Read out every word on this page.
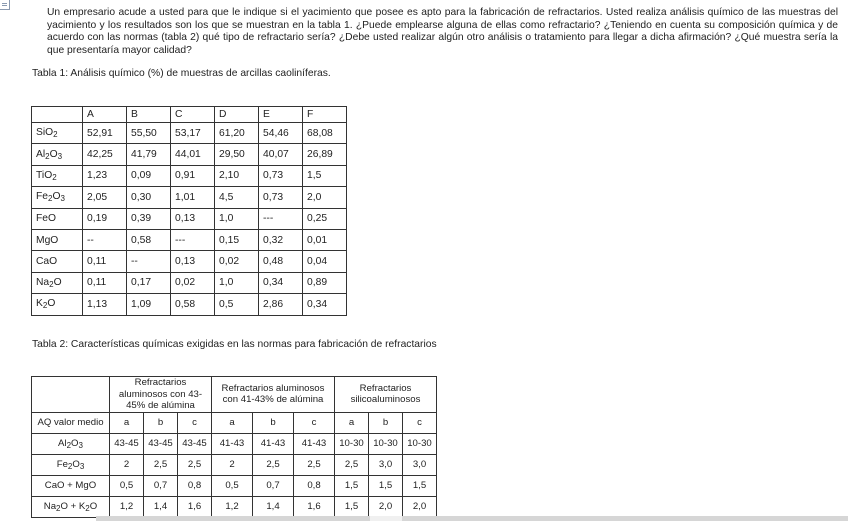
Un empresario acude a usted para que le indique si el yacimiento que posee es apto para la fabricación de refractarios. Usted realiza análisis químico de las muestras del yacimiento y los resultados son los que se muestran en la tabla 1. ¿Puede emplearse alguna de ellas como refractario? ¿Teniendo en cuenta su composición química y de acuerdo con las normas (tabla 2) qué tipo de refractario sería? ¿Debe usted realizar algún otro análisis o tratamiento para llegar a dicha afirmación? ¿Qué muestra sería la que presentaría mayor calidad?

Tabla 1: Análisis químico (%) de muestras de arcillas caoliníferas.
	A	B	C	D	E	F
SiO$_2$	52,91	55,50	53,17	61,20	54,46	68,08
$Al_2O_3$	42,25	41,79	44,01	29,50	40,07	26,89
TiO$_2$	1,23	0,09	0,91	2,10	0,73	1,5
$Fe_2O_3$	2,05	0,30	1,01	4,5	0,73	2,0
FeO	0,19	0,39	0,13	1,0	---	0,25
MgO	--	0,58	---	0,15	0,32	0,01
CaO	0,11	--	0,13	0,02	0,48	0,04
$Na_2O$	0,11	0,17	0,02	1,0	0,34	0,89
$K_2O$	1,13	1,09	0,58	0,5	2,86	0,34
Tabla 2: Características químicas exigidas en las normas para fabricación de refractarios
	Refractarios aluminosos con 43-45% de alúmina			Refractarios aluminosos con 41-43% de alúmina			Refractarios silicoaluminosos		
AQ valor medio	a	b	c	a	b	c	a	b	c
$Al_2O_3$	43-45	43-45	43-45	41-43	41-43	41-43	10-30	10-30	10-30
$Fe_2O_3$	2	2,5	2,5	2	2,5	2,5	2,5	3,0	3,0
CaO + MgO	0,5	0,7	0,8	0,5	0,7	0,8	1,5	1,5	1,5
$Na_2O + K_2O$	1,2	1,4	1,6	1,2	1,4	1,6	1,5	2,0	2,0
